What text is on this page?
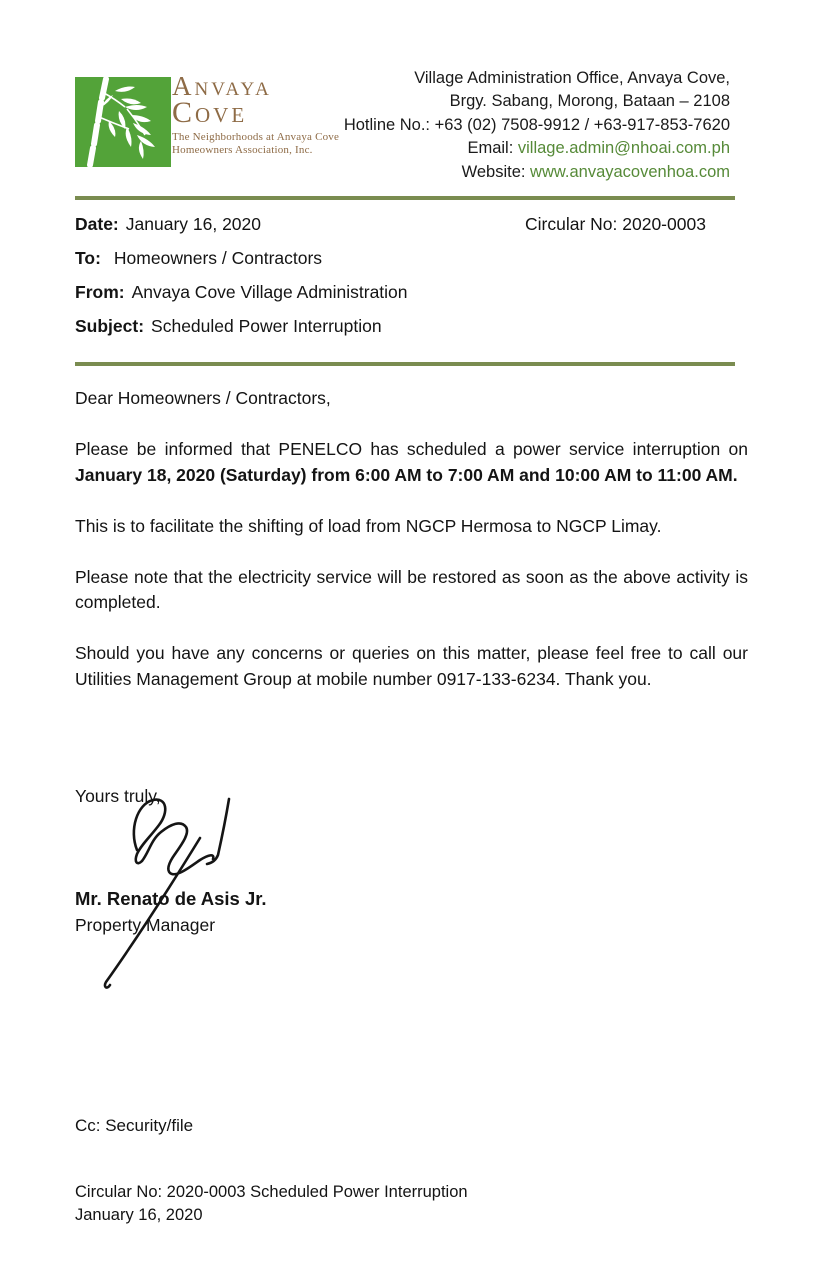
Anvaya
Cove
The Neighborhoods at Anvaya Cove
Homeowners Association, Inc.
Village Administration Office, Anvaya Cove,
Brgy. Sabang, Morong, Bataan – 2108
Hotline No.: +63 (02) 7508-9912 / +63-917-853-7620
Email: village.admin@nhoai.com.ph
Website: www.anvayacovenhoa.com
Date: January 16, 2020	Circular No: 2020-0003
To: Homeowners / Contractors
From: Anvaya Cove Village Administration
Subject: Scheduled Power Interruption

Dear Homeowners / Contractors,

Please be informed that PENELCO has scheduled a power service interruption on January 18, 2020 (Saturday) from 6:00 AM to 7:00 AM and 10:00 AM to 11:00 AM.

This is to facilitate the shifting of load from NGCP Hermosa to NGCP Limay.

Please note that the electricity service will be restored as soon as the above activity is completed.

Should you have any concerns or queries on this matter, please feel free to call our Utilities Management Group at mobile number 0917-133-6234. Thank you.

Yours truly,
Mr. Renato de Asis Jr.
Property Manager
Cc: Security/file
Circular No: 2020-0003 Scheduled Power Interruption
January 16, 2020
